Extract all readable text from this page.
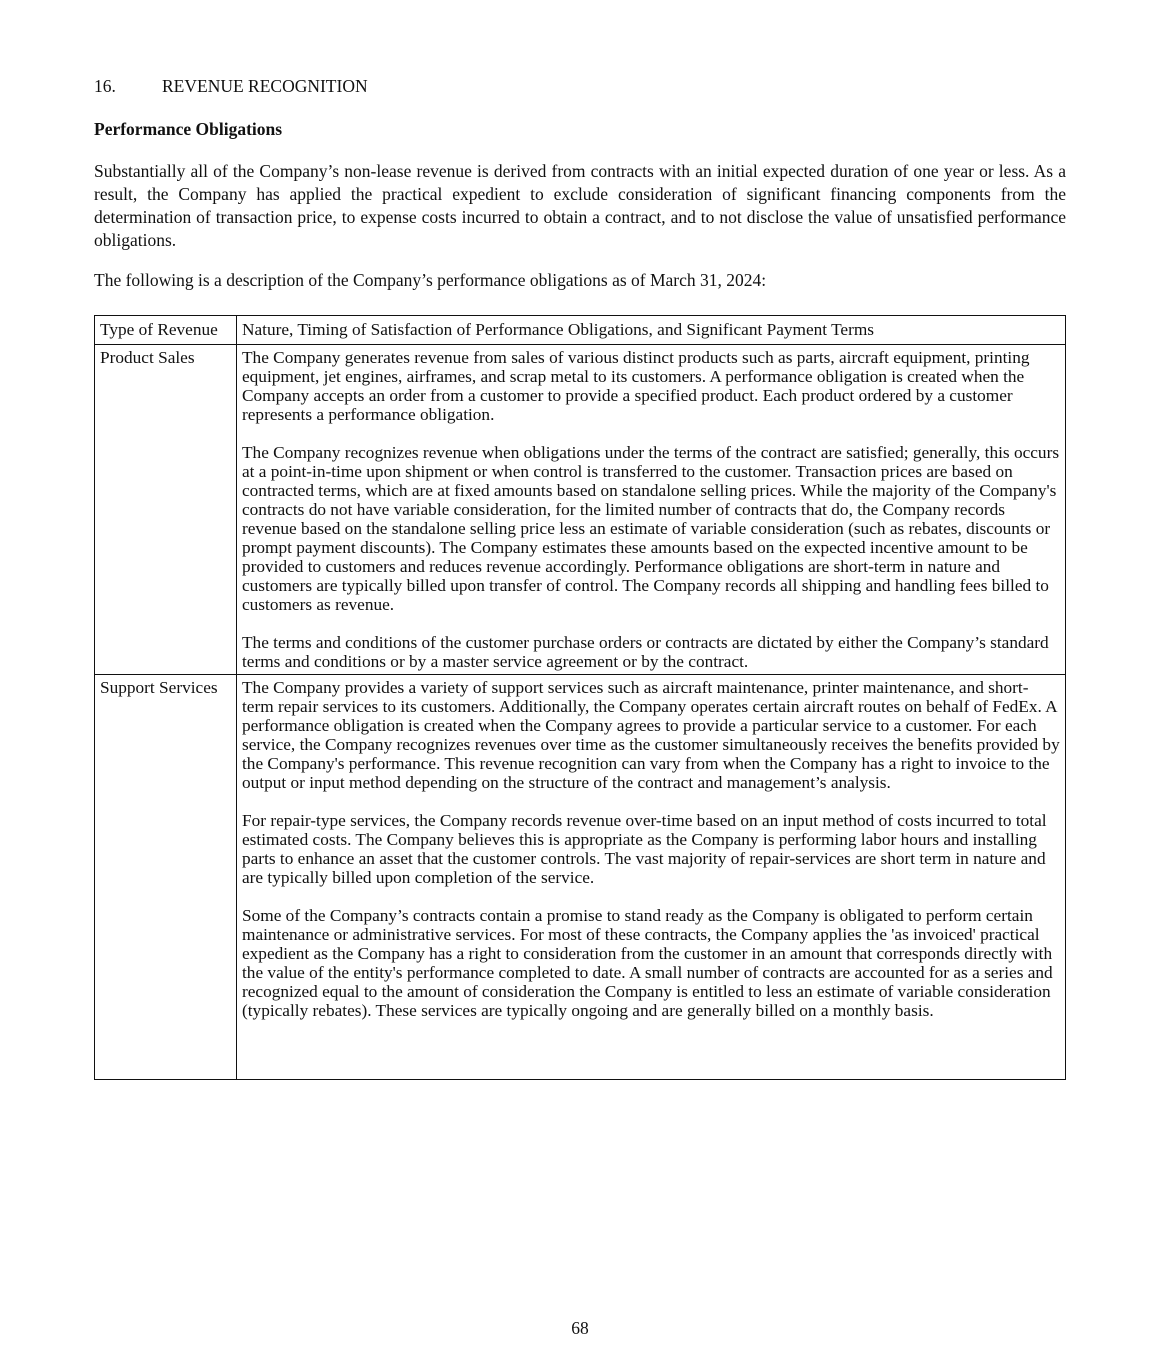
16.	REVENUE RECOGNITION
Performance Obligations
Substantially all of the Company’s non-lease revenue is derived from contracts with an initial expected duration of one year or less. As a result, the Company has applied the practical expedient to exclude consideration of significant financing components from the determination of transaction price, to expense costs incurred to obtain a contract, and to not disclose the value of unsatisfied performance obligations.
The following is a description of the Company’s performance obligations as of March 31, 2024:
Type of Revenue	Nature, Timing of Satisfaction of Performance Obligations, and Significant Payment Terms
Product Sales	The Company generates revenue from sales of various distinct products such as parts, aircraft equipment, printing equipment, jet engines, airframes, and scrap metal to its customers. A performance obligation is created when the Company accepts an order from a customer to provide a specified product. Each product ordered by a customer represents a performance obligation.

The Company recognizes revenue when obligations under the terms of the contract are satisfied; generally, this occurs at a point-in-time upon shipment or when control is transferred to the customer. Transaction prices are based on contracted terms, which are at fixed amounts based on standalone selling prices. While the majority of the Company's contracts do not have variable consideration, for the limited number of contracts that do, the Company records revenue based on the standalone selling price less an estimate of variable consideration (such as rebates, discounts or prompt payment discounts). The Company estimates these amounts based on the expected incentive amount to be provided to customers and reduces revenue accordingly. Performance obligations are short-term in nature and customers are typically billed upon transfer of control. The Company records all shipping and handling fees billed to customers as revenue.

The terms and conditions of the customer purchase orders or contracts are dictated by either the Company’s standard terms and conditions or by a master service agreement or by the contract.

Support Services	The Company provides a variety of support services such as aircraft maintenance, printer maintenance, and short-term repair services to its customers. Additionally, the Company operates certain aircraft routes on behalf of FedEx. A performance obligation is created when the Company agrees to provide a particular service to a customer. For each service, the Company recognizes revenues over time as the customer simultaneously receives the benefits provided by the Company's performance. This revenue recognition can vary from when the Company has a right to invoice to the output or input method depending on the structure of the contract and management’s analysis.

For repair-type services, the Company records revenue over-time based on an input method of costs incurred to total estimated costs. The Company believes this is appropriate as the Company is performing labor hours and installing parts to enhance an asset that the customer controls. The vast majority of repair-services are short term in nature and are typically billed upon completion of the service.

Some of the Company’s contracts contain a promise to stand ready as the Company is obligated to perform certain maintenance or administrative services. For most of these contracts, the Company applies the 'as invoiced' practical expedient as the Company has a right to consideration from the customer in an amount that corresponds directly with the value of the entity's performance completed to date. A small number of contracts are accounted for as a series and recognized equal to the amount of consideration the Company is entitled to less an estimate of variable consideration (typically rebates). These services are typically ongoing and are generally billed on a monthly basis.

68
